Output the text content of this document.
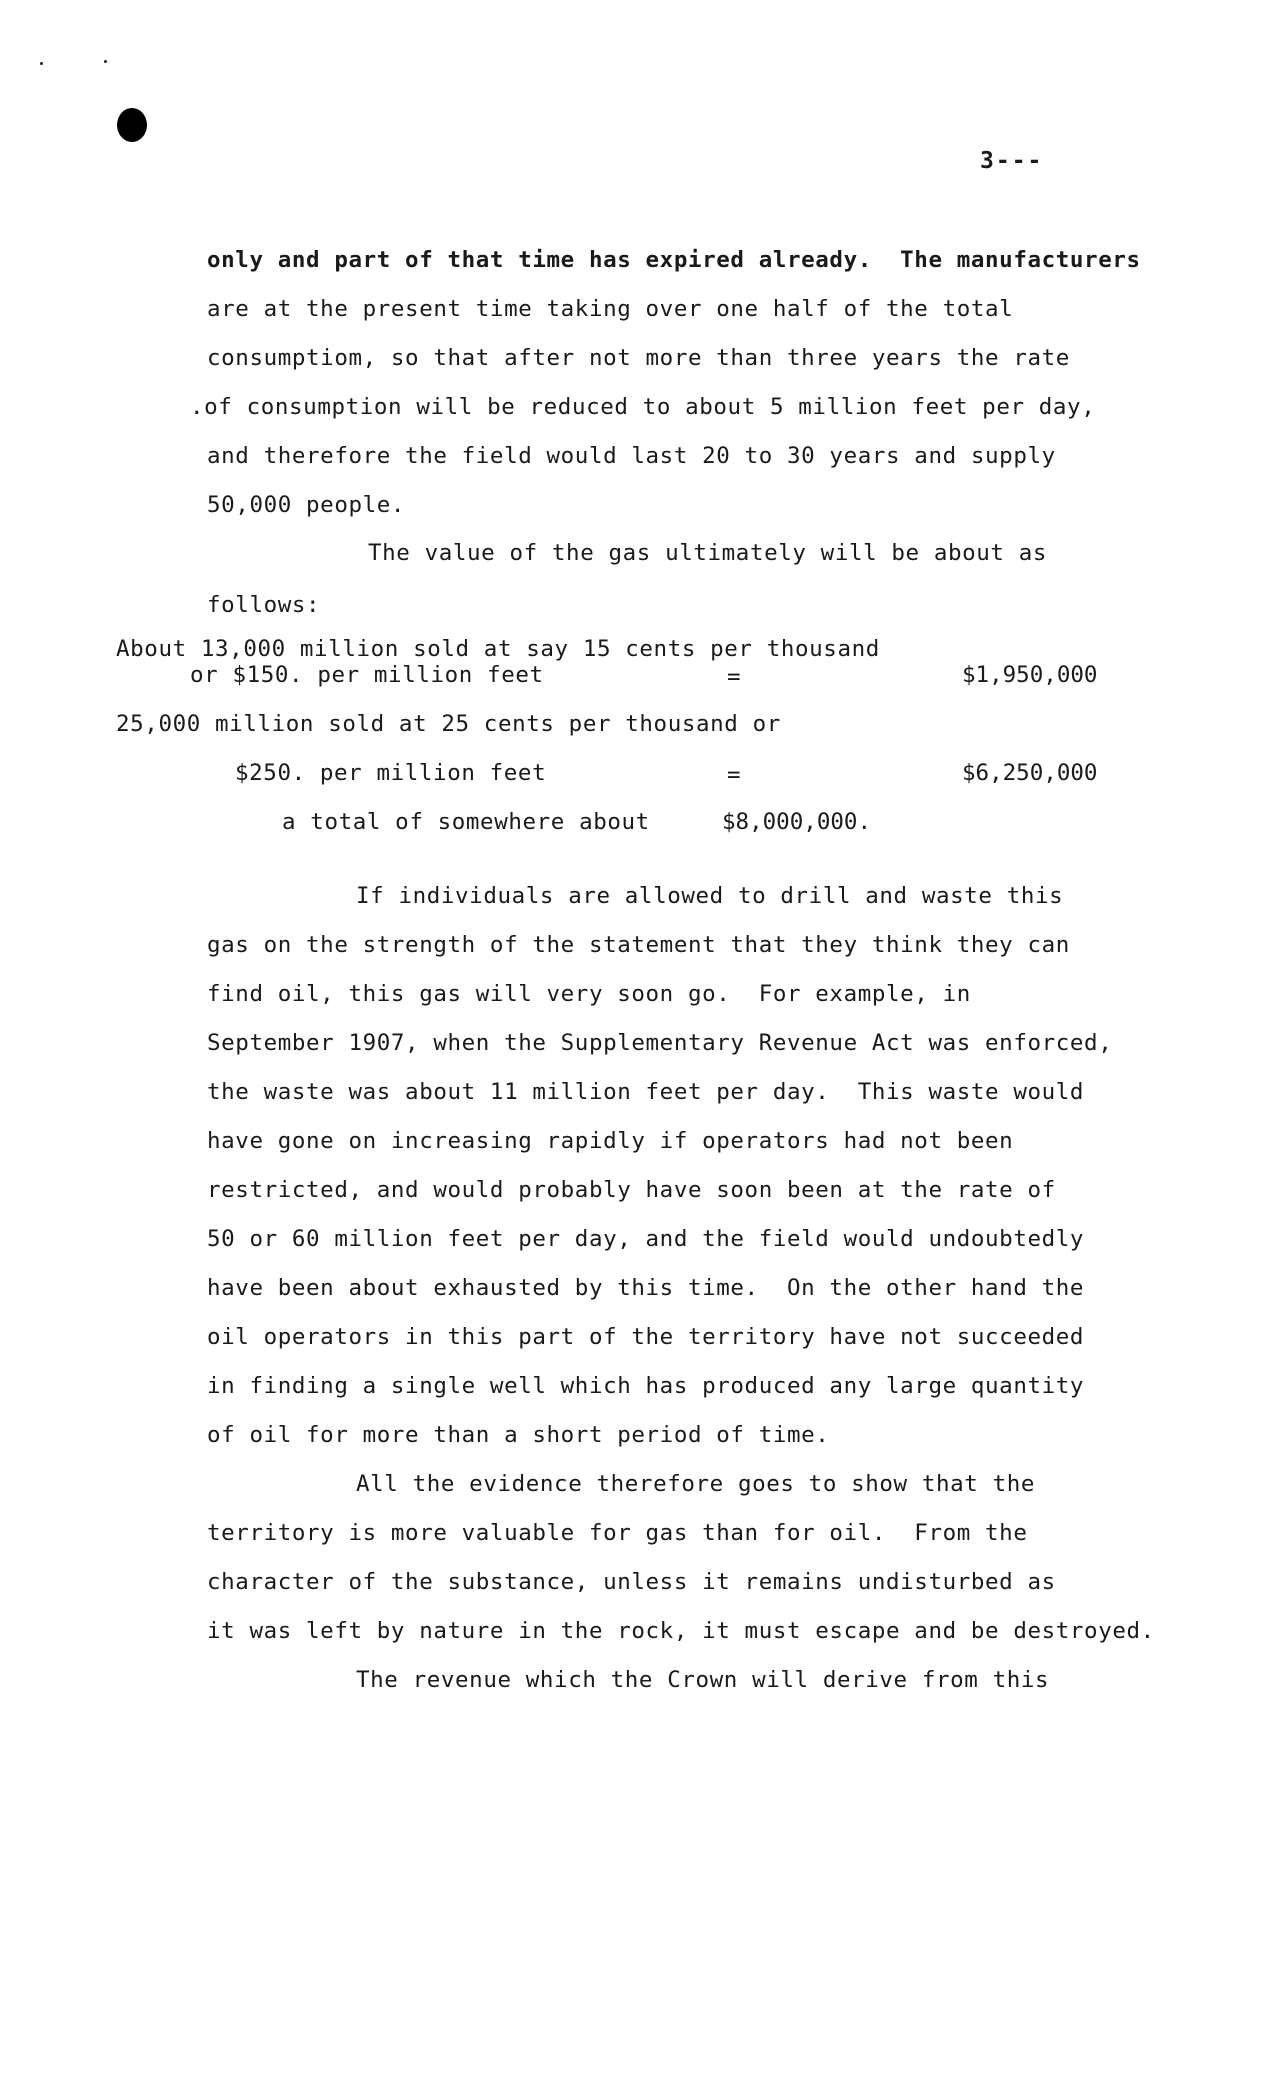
3---
only and part of that time has expired already.  The manufacturers
are at the present time taking over one half of the total
consumptiom, so that after not more than three years the rate
.of consumption will be reduced to about 5 million feet per day,
and therefore the field would last 20 to 30 years and supply
50,000 people.
The value of the gas ultimately will be about as
follows:
About 13,000 million sold at say 15 cents per thousand
or $150. per million feet	=	$1,950,000
25,000 million sold at 25 cents per thousand or
$250. per million feet	=	$6,250,000
a total of somewhere about	$8,000,000.
If individuals are allowed to drill and waste this
gas on the strength of the statement that they think they can
find oil, this gas will very soon go.  For example, in
September 1907, when the Supplementary Revenue Act was enforced,
the waste was about 11 million feet per day.  This waste would
have gone on increasing rapidly if operators had not been
restricted, and would probably have soon been at the rate of
50 or 60 million feet per day, and the field would undoubtedly
have been about exhausted by this time.  On the other hand the
oil operators in this part of the territory have not succeeded
in finding a single well which has produced any large quantity
of oil for more than a short period of time.
All the evidence therefore goes to show that the
territory is more valuable for gas than for oil.  From the
character of the substance, unless it remains undisturbed as
it was left by nature in the rock, it must escape and be destroyed.
The revenue which the Crown will derive from this
